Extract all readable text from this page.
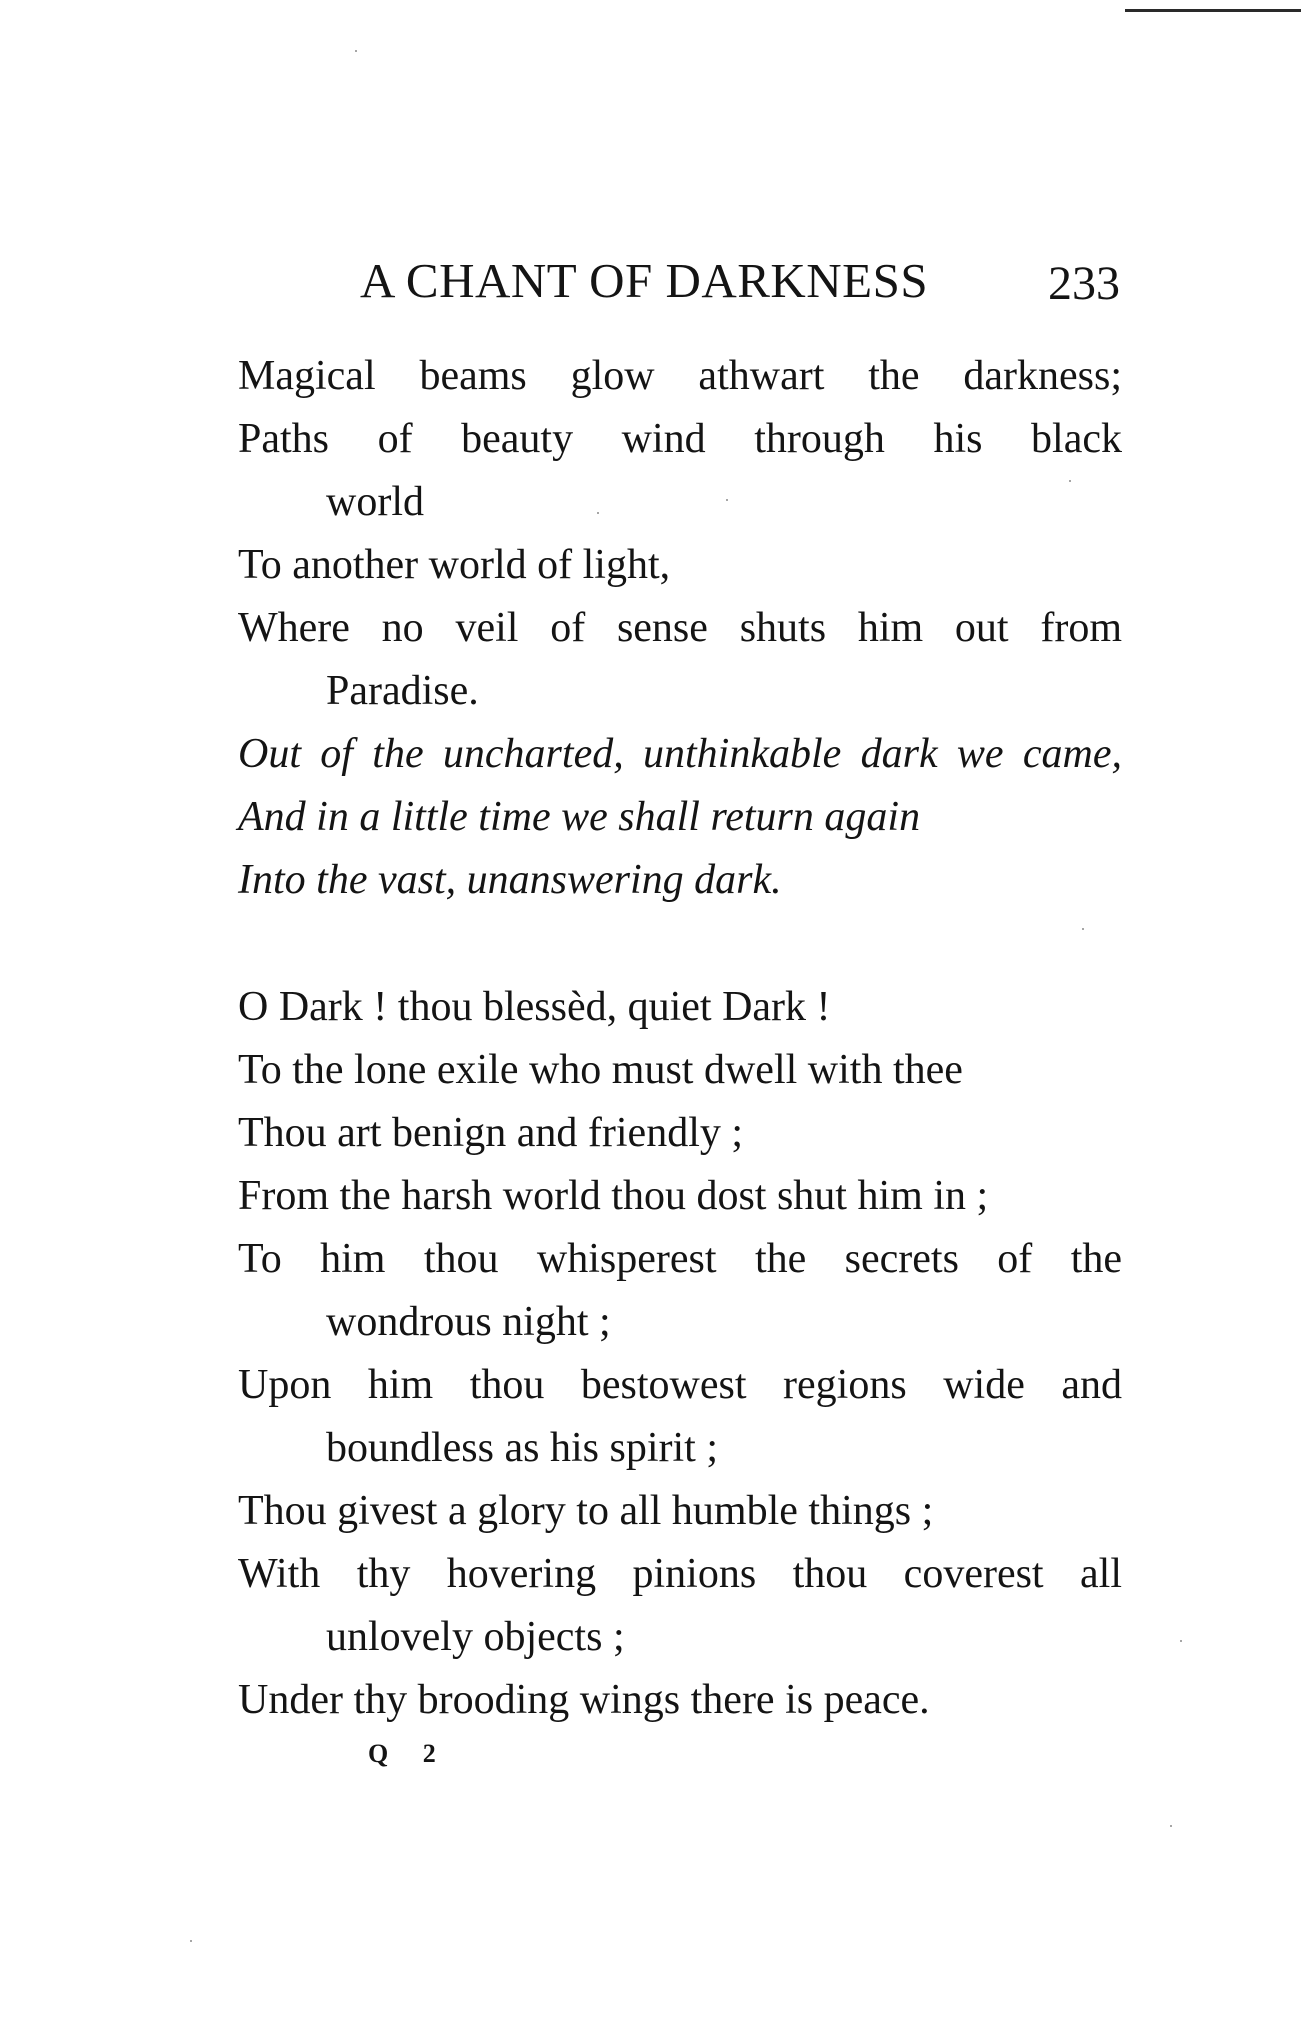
A CHANT OF DARKNESS 233
Magical beams glow athwart the darkness;
Paths of beauty wind through his black
world
To another world of light,
Where no veil of sense shuts him out from
Paradise.
Out of the uncharted, unthinkable dark we came,
And in a little time we shall return again
Into the vast, unanswering dark.
O Dark ! thou blessèd, quiet Dark !
To the lone exile who must dwell with thee
Thou art benign and friendly ;
From the harsh world thou dost shut him in ;
To him thou whisperest the secrets of the
wondrous night ;
Upon him thou bestowest regions wide and
boundless as his spirit ;
Thou givest a glory to all humble things ;
With thy hovering pinions thou coverest all
unlovely objects ;
Under thy brooding wings there is peace.
Q 2
